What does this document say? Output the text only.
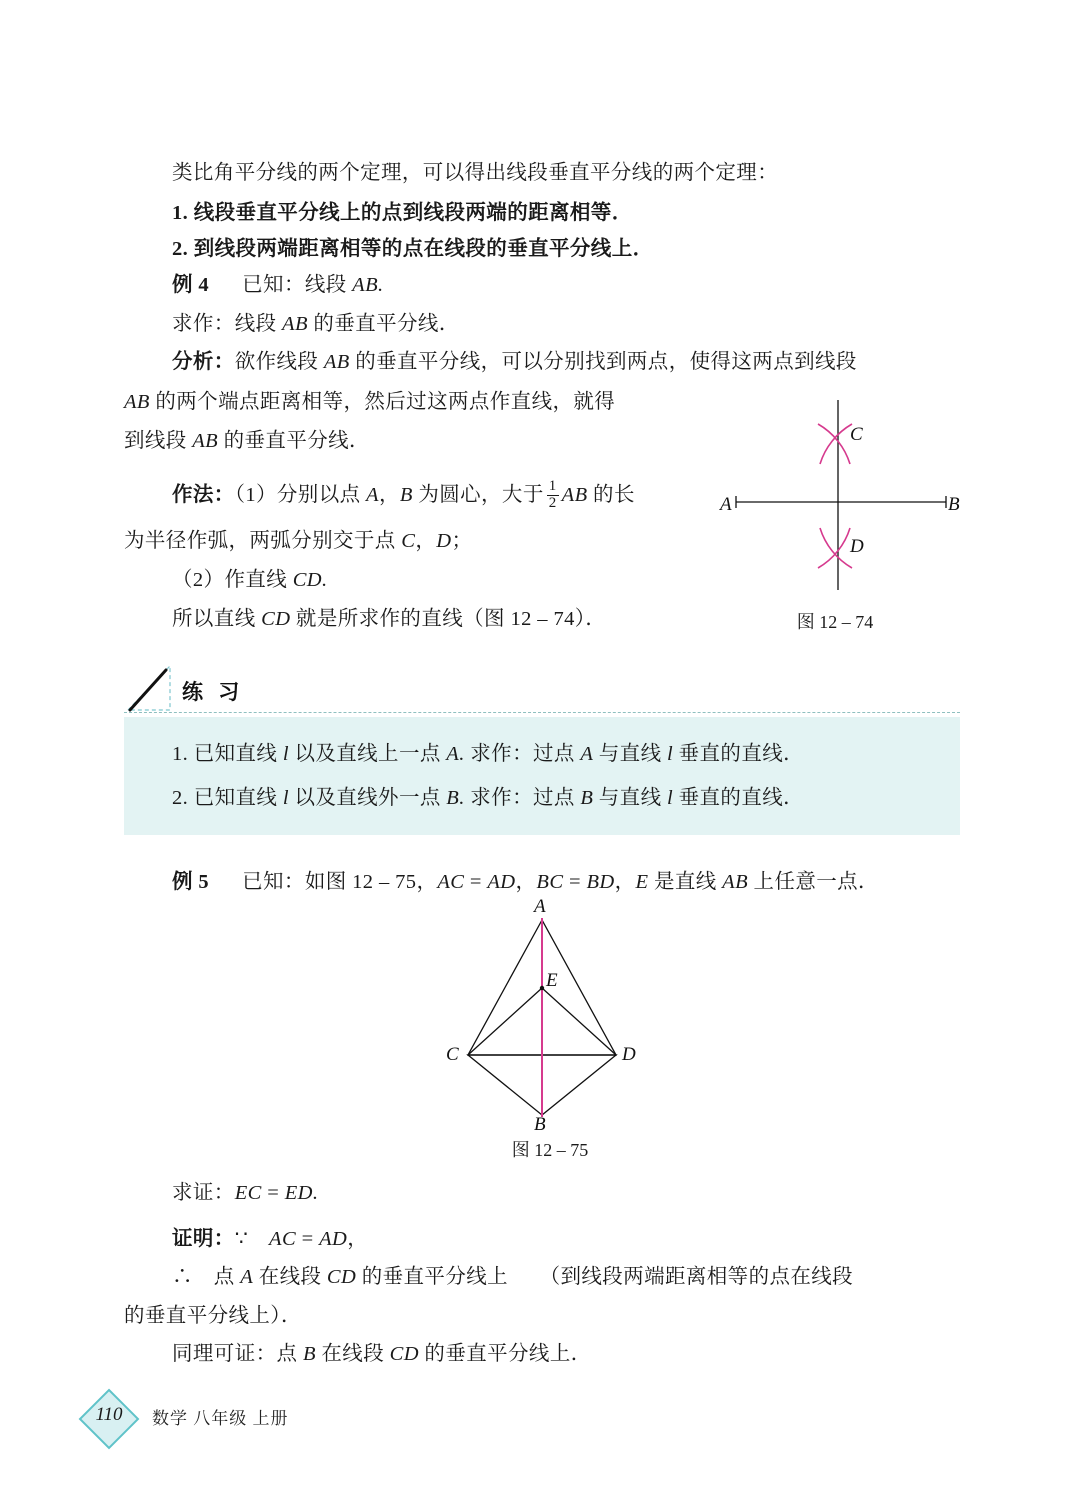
类比角平分线的两个定理，可以得出线段垂直平分线的两个定理：
1. 线段垂直平分线上的点到线段两端的距离相等．
2. 到线段两端距离相等的点在线段的垂直平分线上．
例 4 已知：线段 AB.
求作：线段 AB 的垂直平分线．
分析：欲作线段 AB 的垂直平分线，可以分别找到两点，使得这两点到线段
AB 的两个端点距离相等，然后过这两点作直线，就得
到线段 AB 的垂直平分线．
作法：（1）分别以点 A，B 为圆心，大于 $\frac{1}{2}$ AB 的长
为半径作弧，两弧分别交于点 C，D；
（2）作直线 CD.
所以直线 CD 就是所求作的直线（图 12 – 74）．
C
A	B
D
图 12 – 74
练 习
1. 已知直线 l 以及直线上一点 A. 求作：过点 A 与直线 l 垂直的直线．
2. 已知直线 l 以及直线外一点 B. 求作：过点 B 与直线 l 垂直的直线．
例 5  已知：如图 12 – 75，AC = AD，BC = BD，E 是直线 AB 上任意一点．
A
E
C	D
B
图 12 – 75
求证：EC = ED.
证明：∵　AC = AD，
∴　点 A 在线段 CD 的垂直平分线上　　（到线段两端距离相等的点在线段
的垂直平分线上）．
同理可证：点 B 在线段 CD 的垂直平分线上．
110	数学 八年级 上册
